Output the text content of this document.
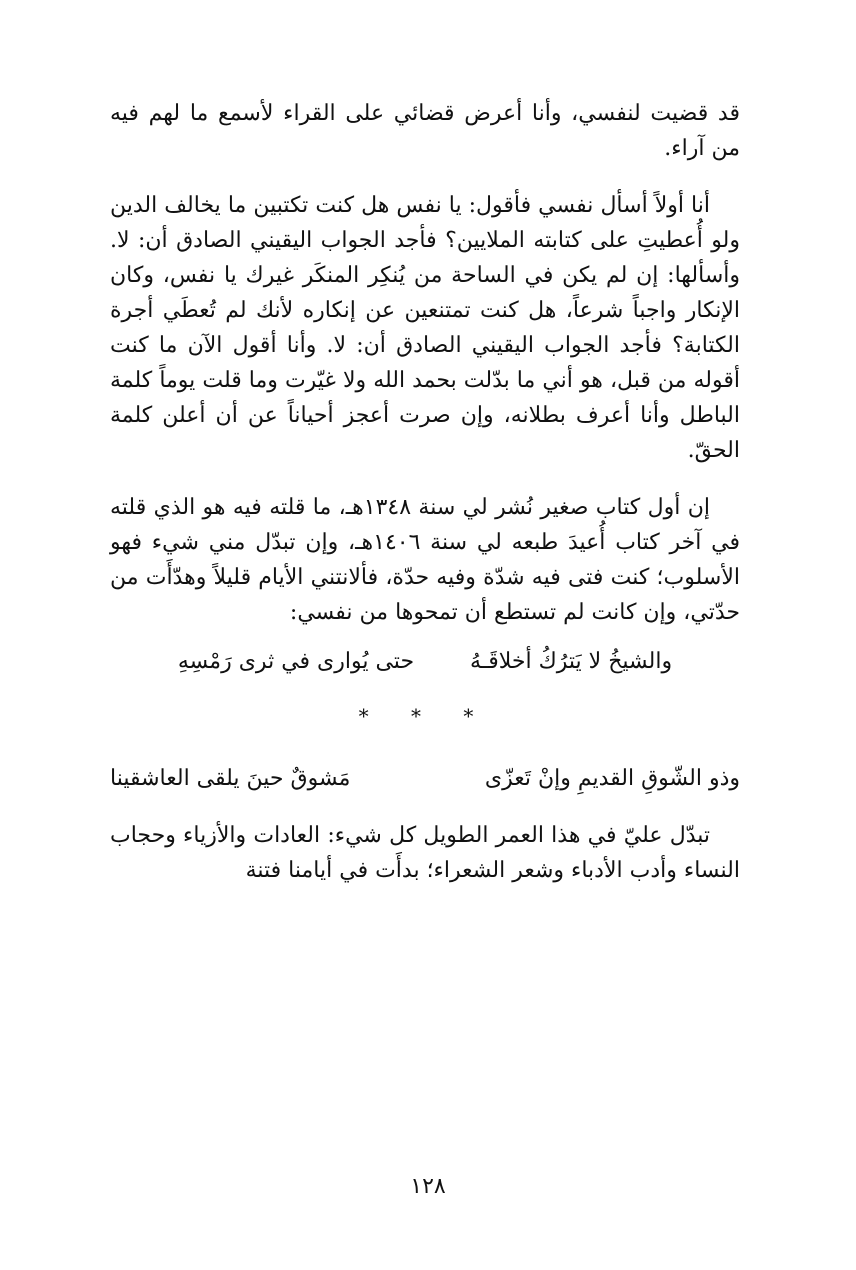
قد قضيت لنفسي، وأنا أعرض قضائي على القراء لأسمع ما لهم فيه من آراء.

أنا أولاً أسأل نفسي فأقول: يا نفس هل كنت تكتبين ما يخالف الدين ولو أُعطيتِ على كتابته الملايين؟ فأجد الجواب اليقيني الصادق أن: لا. وأسألها: إن لم يكن في الساحة من يُنكِر المنكَر غيرك يا نفس، وكان الإنكار واجباً شرعاً، هل كنت تمتنعين عن إنكاره لأنك لم تُعطَي أجرة الكتابة؟ فأجد الجواب اليقيني الصادق أن: لا. وأنا أقول الآن ما كنت أقوله من قبل، هو أني ما بدّلت بحمد الله ولا غيّرت وما قلت يوماً كلمة الباطل وأنا أعرف بطلانه، وإن صرت أعجز أحياناً عن أن أعلن كلمة الحقّ.

إن أول كتاب صغير نُشر لي سنة ١٣٤٨هـ، ما قلته فيه هو الذي قلته في آخر كتاب أُعيدَ طبعه لي سنة ١٤٠٦هـ، وإن تبدّل مني شيء فهو الأسلوب؛ كنت فتى فيه شدّة وفيه حدّة، فألانتني الأيام قليلاً وهدّأَت من حدّتي، وإن كانت لم تستطع أن تمحوها من نفسي:

والشيخُ لا يَترُكُ أخلاقَـهُ
حتى يُوارى في ثرى رَمْسِهِ
* * *
وذو الشّوقِ القديمِ وإنْ تَعزّى
مَشوقٌ حينَ يلقى العاشقينا

تبدّل عليّ في هذا العمر الطويل كل شيء: العادات والأزياء وحجاب النساء وأدب الأدباء وشعر الشعراء؛ بدأَت في أيامنا فتنة

١٢٨
